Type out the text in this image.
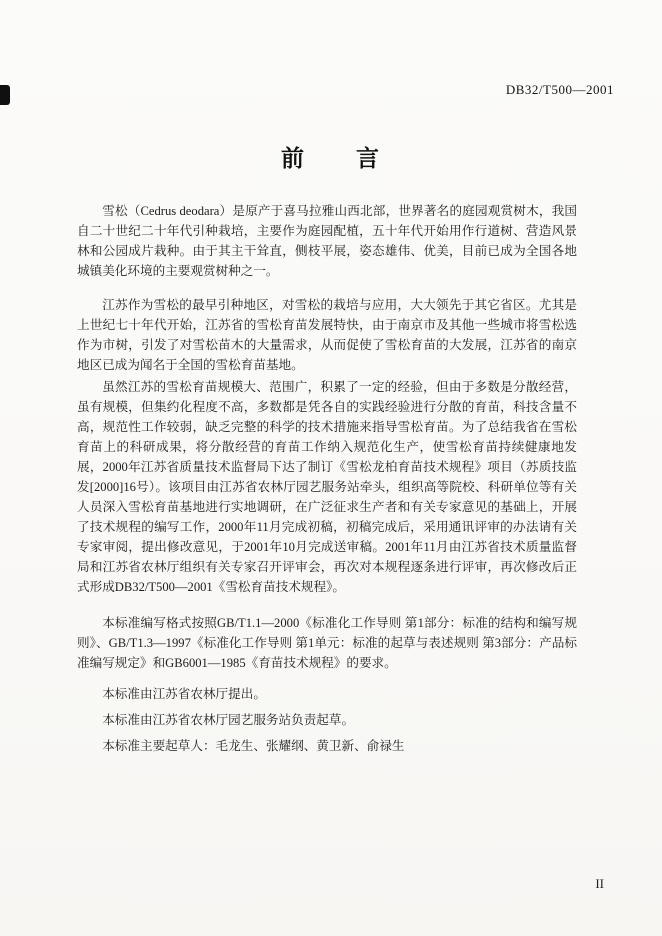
DB32/T500—2001
前　　言

雪松（Cedrus deodara）是原产于喜马拉雅山西北部，世界著名的庭园观赏树木，我国自二十世纪二十年代引种栽培，主要作为庭园配植，五十年代开始用作行道树、营造风景林和公园成片栽种。由于其主干耸直，侧枝平展，姿态雄伟、优美，目前已成为全国各地城镇美化环境的主要观赏树种之一。

江苏作为雪松的最早引种地区，对雪松的栽培与应用，大大领先于其它省区。尤其是上世纪七十年代开始，江苏省的雪松育苗发展特快，由于南京市及其他一些城市将雪松选作为市树，引发了对雪松苗木的大量需求，从而促使了雪松育苗的大发展，江苏省的南京地区已成为闻名于全国的雪松育苗基地。

虽然江苏的雪松育苗规模大、范围广，积累了一定的经验，但由于多数是分散经营，虽有规模，但集约化程度不高，多数都是凭各自的实践经验进行分散的育苗，科技含量不高，规范性工作较弱，缺乏完整的科学的技术措施来指导雪松育苗。为了总结我省在雪松育苗上的科研成果，将分散经营的育苗工作纳入规范化生产，使雪松育苗持续健康地发展，2000年江苏省质量技术监督局下达了制订《雪松龙柏育苗技术规程》项目（苏质技监发[2000]16号）。该项目由江苏省农林厅园艺服务站牵头，组织高等院校、科研单位等有关人员深入雪松育苗基地进行实地调研，在广泛征求生产者和有关专家意见的基础上，开展了技术规程的编写工作，2000年11月完成初稿，初稿完成后，采用通讯评审的办法请有关专家审阅，提出修改意见，于2001年10月完成送审稿。2001年11月由江苏省技术质量监督局和江苏省农林厅组织有关专家召开评审会，再次对本规程逐条进行评审，再次修改后正式形成DB32/T500—2001《雪松育苗技术规程》。

本标准编写格式按照GB/T1.1—2000《标准化工作导则 第1部分：标准的结构和编写规则》、GB/T1.3—1997《标准化工作导则 第1单元：标准的起草与表述规则 第3部分：产品标准编写规定》和GB6001—1985《育苗技术规程》的要求。

本标准由江苏省农林厅提出。

本标准由江苏省农林厅园艺服务站负责起草。

本标准主要起草人：毛龙生、张耀纲、黄卫新、俞禄生

II
